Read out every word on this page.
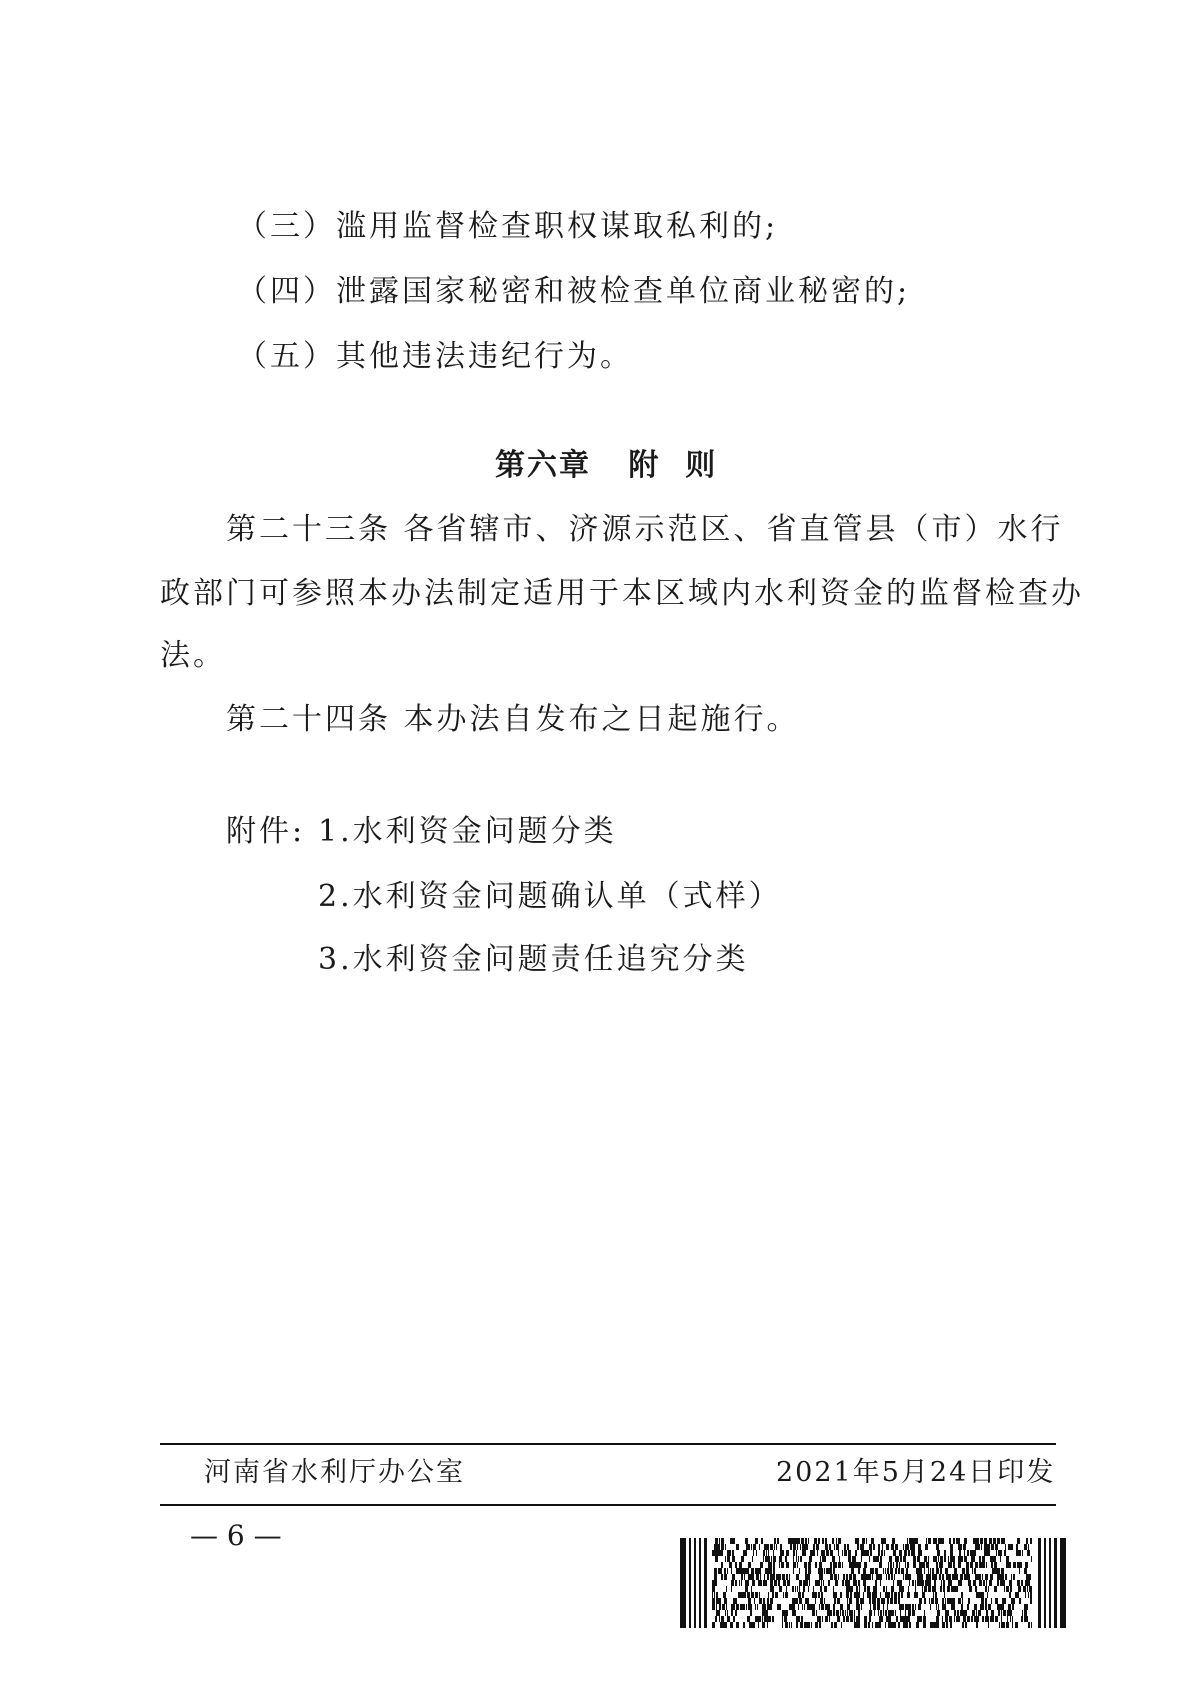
（三）滥用监督检查职权谋取私利的;
（四）泄露国家秘密和被检查单位商业秘密的;
（五）其他违法违纪行为。
第六章   附  则
第二十三条 各省辖市、济源示范区、省直管县（市）水行
政部门可参照本办法制定适用于本区域内水利资金的监督检查办
法。
第二十四条 本办法自发布之日起施行。
附件: 1.水利资金问题分类
2.水利资金问题确认单（式样）
3.水利资金问题责任追究分类
河南省水利厅办公室	2021年5月24日印发
— 6 —
